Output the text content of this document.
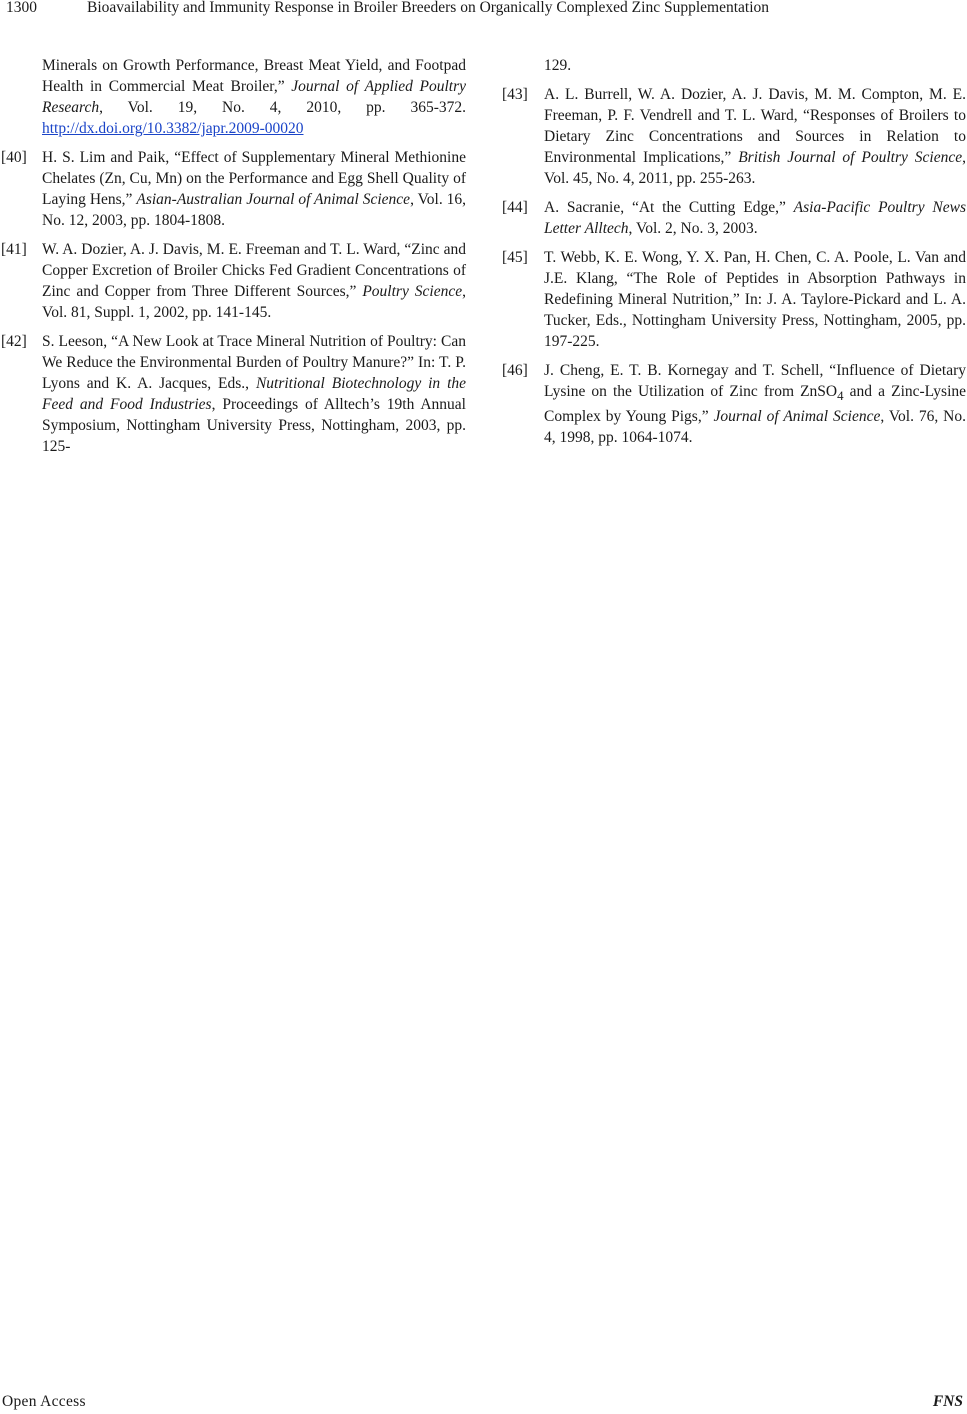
1300	Bioavailability and Immunity Response in Broiler Breeders on Organically Complexed Zinc Supplementation
Minerals on Growth Performance, Breast Meat Yield, and Footpad Health in Commercial Meat Broiler,” Journal of Applied Poultry Research, Vol. 19, No. 4, 2010, pp. 365-372. http://dx.doi.org/10.3382/japr.2009-00020
[40] H. S. Lim and Paik, “Effect of Supplementary Mineral Methionine Chelates (Zn, Cu, Mn) on the Performance and Egg Shell Quality of Laying Hens,” Asian-Australian Journal of Animal Science, Vol. 16, No. 12, 2003, pp. 1804-1808.
[41] W. A. Dozier, A. J. Davis, M. E. Freeman and T. L. Ward, “Zinc and Copper Excretion of Broiler Chicks Fed Gradient Concentrations of Zinc and Copper from Three Different Sources,” Poultry Science, Vol. 81, Suppl. 1, 2002, pp. 141-145.
[42] S. Leeson, “A New Look at Trace Mineral Nutrition of Poultry: Can We Reduce the Environmental Burden of Poultry Manure?” In: T. P. Lyons and K. A. Jacques, Eds., Nutritional Biotechnology in the Feed and Food Industries, Proceedings of Alltech’s 19th Annual Symposium, Nottingham University Press, Nottingham, 2003, pp. 125-
129.
[43] A. L. Burrell, W. A. Dozier, A. J. Davis, M. M. Compton, M. E. Freeman, P. F. Vendrell and T. L. Ward, “Responses of Broilers to Dietary Zinc Concentrations and Sources in Relation to Environmental Implications,” British Journal of Poultry Science, Vol. 45, No. 4, 2011, pp. 255-263.
[44] A. Sacranie, “At the Cutting Edge,” Asia-Pacific Poultry News Letter Alltech, Vol. 2, No. 3, 2003.
[45] T. Webb, K. E. Wong, Y. X. Pan, H. Chen, C. A. Poole, L. Van and J.E. Klang, “The Role of Peptides in Absorption Pathways in Redefining Mineral Nutrition,” In: J. A. Taylore-Pickard and L. A. Tucker, Eds., Nottingham University Press, Nottingham, 2005, pp. 197-225.
[46] J. Cheng, E. T. B. Kornegay and T. Schell, “Influence of Dietary Lysine on the Utilization of Zinc from ZnSO$_4$ and a Zinc-Lysine Complex by Young Pigs,” Journal of Animal Science, Vol. 76, No. 4, 1998, pp. 1064-1074.
Open Access	FNS
